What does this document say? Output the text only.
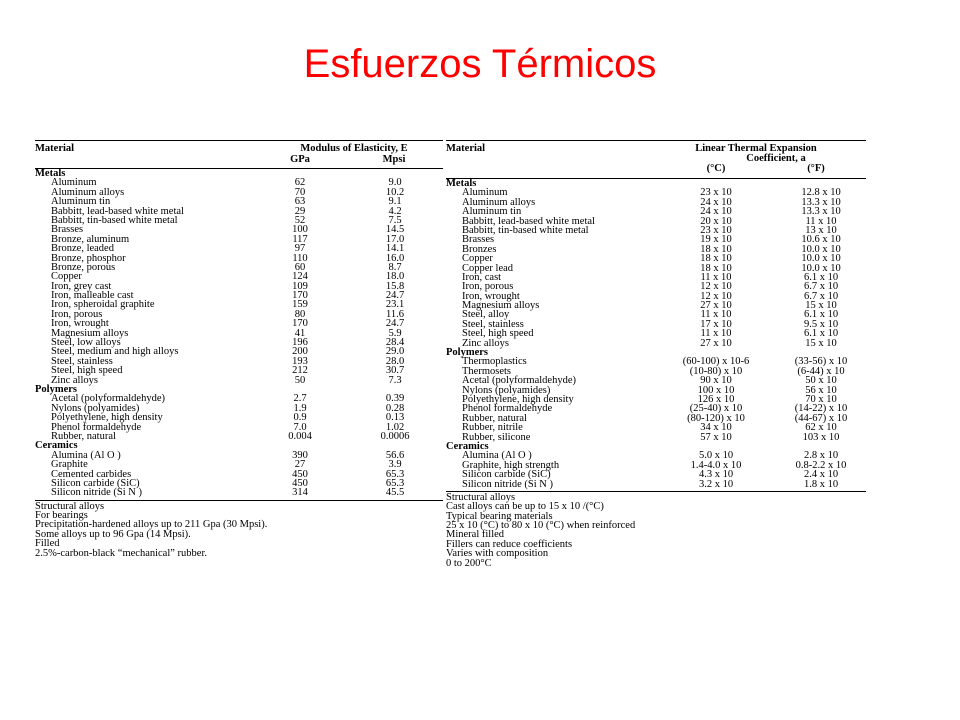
Esfuerzos Térmicos
Material	Modulus of Elasticity, E
GPa	Mpsi
Metals
Aluminum	62	9.0
Aluminum alloys	70	10.2
Aluminum tin	63	9.1
Babbitt, lead-based white metal	29	4.2
Babbitt, tin-based white metal	52	7.5
Brasses	100	14.5
Bronze, aluminum	117	17.0
Bronze, leaded	97	14.1
Bronze, phosphor	110	16.0
Bronze, porous	60	8.7
Copper	124	18.0
Iron, grey cast	109	15.8
Iron, malleable cast	170	24.7
Iron, spheroidal graphite	159	23.1
Iron, porous	80	11.6
Iron, wrought	170	24.7
Magnesium alloys	41	5.9
Steel, low alloys	196	28.4
Steel, medium and high alloys	200	29.0
Steel, stainless	193	28.0
Steel, high speed	212	30.7
Zinc alloys	50	7.3
Polymers
Acetal (polyformaldehyde)	2.7	0.39
Nylons (polyamides)	1.9	0.28
Polyethylene, high density	0.9	0.13
Phenol formaldehyde	7.0	1.02
Rubber, natural	0.004	0.0006
Ceramics
Alumina (Al O )	390	56.6
Graphite	27	3.9
Cemented carbides	450	65.3
Silicon carbide (SiC)	450	65.3
Silicon nitride (Si N )	314	45.5
Structural alloys
For bearings
Precipitation-hardened alloys up to 211 Gpa (30 Mpsi).
Some alloys up to 96 Gpa (14 Mpsi).
Filled
2.5%-carbon-black “mechanical” rubber.
Material	Linear Thermal Expansion
(°C)	(°F)
Coefficient, a
Metals
Aluminum	23 x 10	12.8 x 10
Aluminum alloys	24 x 10	13.3 x 10
Aluminum tin	24 x 10	13.3 x 10
Babbitt, lead-based white metal	20 x 10	11 x 10
Babbitt, tin-based white metal	23 x 10	13 x 10
Brasses	19 x 10	10.6 x 10
Bronzes	18 x 10	10.0 x 10
Copper	18 x 10	10.0 x 10
Copper lead	18 x 10	10.0 x 10
Iron, cast	11 x 10	6.1 x 10
Iron, porous	12 x 10	6.7 x 10
Iron, wrought	12 x 10	6.7 x 10
Magnesium alloys	27 x 10	15 x 10
Steel, alloy	11 x 10	6.1 x 10
Steel, stainless	17 x 10	9.5 x 10
Steel, high speed	11 x 10	6.1 x 10
Zinc alloys	27 x 10	15 x 10
Polymers
Thermoplastics	(60-100) x 10-6	(33-56) x 10
Thermosets	(10-80) x 10	(6-44) x 10
Acetal (polyformaldehyde)	90 x 10	50 x 10
Nylons (polyamides)	100 x 10	56 x 10
Polyethylene, high density	126 x 10	70 x 10
Phenol formaldehyde	(25-40) x 10	(14-22) x 10
Rubber, natural	(80-120) x 10	(44-67) x 10
Rubber, nitrile	34 x 10	62 x 10
Rubber, silicone	57 x 10	103 x 10
Ceramics
Alumina (Al O )	5.0 x 10	2.8 x 10
Graphite, high strength	1.4-4.0 x 10	0.8-2.2 x 10
Silicon carbide (SiC)	4.3 x 10	2.4 x 10
Silicon nitride (Si N )	3.2 x 10	1.8 x 10
Structural alloys
Cast alloys can be up to 15 x 10 /(°C)
Typical bearing materials
25 x 10 (°C) to 80 x 10 (°C) when reinforced
Mineral filled
Fillers can reduce coefficients
Varies with composition
0 to 200°C
